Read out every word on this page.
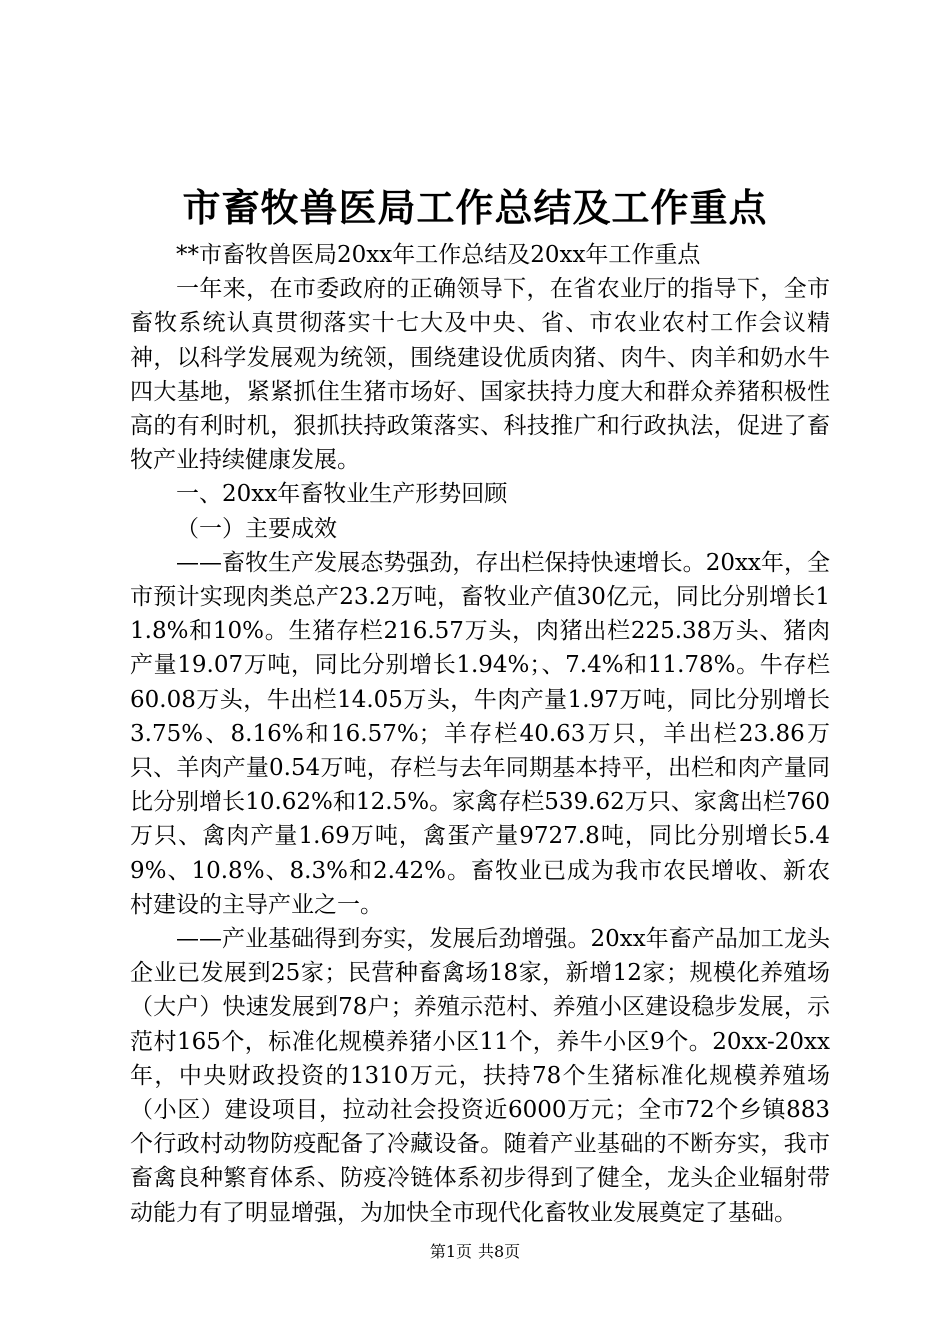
市畜牧兽医局工作总结及工作重点

**市畜牧兽医局20xx年工作总结及20xx年工作重点

一年来，在市委政府的正确领导下，在省农业厅的指导下，全市畜牧系统认真贯彻落实十七大及中央、省、市农业农村工作会议精神，以科学发展观为统领，围绕建设优质肉猪、肉牛、肉羊和奶水牛四大基地，紧紧抓住生猪市场好、国家扶持力度大和群众养猪积极性高的有利时机，狠抓扶持政策落实、科技推广和行政执法，促进了畜牧产业持续健康发展。

一、20xx年畜牧业生产形势回顾

（一）主要成效

——畜牧生产发展态势强劲，存出栏保持快速增长。20xx年，全市预计实现肉类总产23.2万吨，畜牧业产值30亿元，同比分别增长11.8%和10%。生猪存栏216.57万头，肉猪出栏225.38万头、猪肉产量19.07万吨，同比分别增长1.94%；、7.4%和11.78%。牛存栏60.08万头，牛出栏14.05万头，牛肉产量1.97万吨，同比分别增长3.75%、8.16%和16.57%；羊存栏40.63万只，羊出栏23.86万只、羊肉产量0.54万吨，存栏与去年同期基本持平，出栏和肉产量同比分别增长10.62%和12.5%。家禽存栏539.62万只、家禽出栏760万只、禽肉产量1.69万吨，禽蛋产量9727.8吨，同比分别增长5.49%、10.8%、8.3%和2.42%。畜牧业已成为我市农民增收、新农村建设的主导产业之一。

——产业基础得到夯实，发展后劲增强。20xx年畜产品加工龙头企业已发展到25家；民营种畜禽场18家，新增12家；规模化养殖场（大户）快速发展到78户；养殖示范村、养殖小区建设稳步发展，示范村165个，标准化规模养猪小区11个，养牛小区9个。20xx-20xx年，中央财政投资的1310万元，扶持78个生猪标准化规模养殖场（小区）建设项目，拉动社会投资近6000万元；全市72个乡镇883个行政村动物防疫配备了冷藏设备。随着产业基础的不断夯实，我市畜禽良种繁育体系、防疫冷链体系初步得到了健全，龙头企业辐射带动能力有了明显增强，为加快全市现代化畜牧业发展奠定了基础。

第1页 共8页
